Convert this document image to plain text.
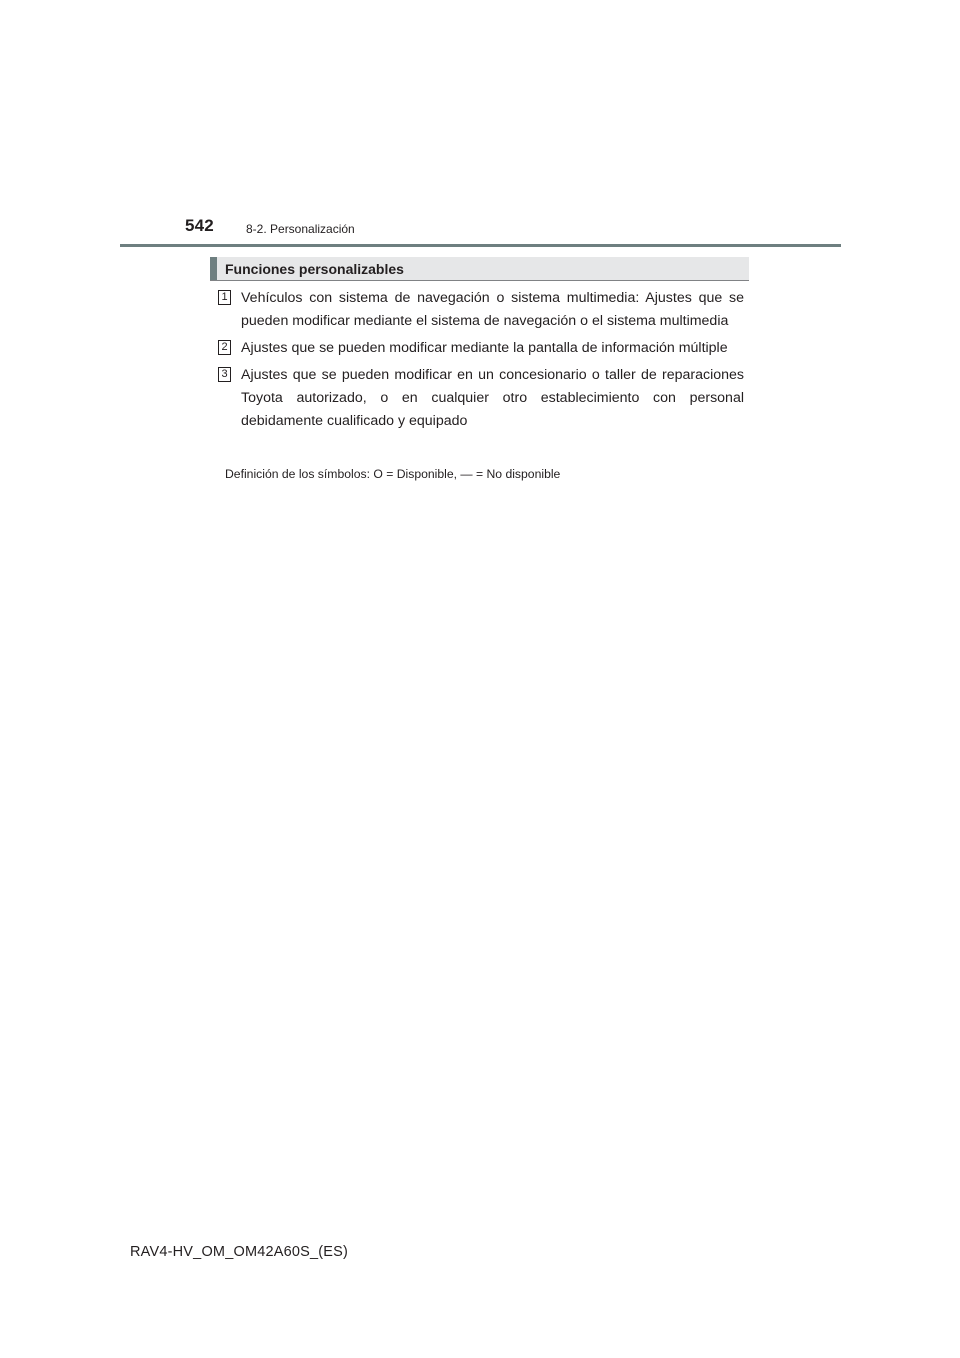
542	8-2. Personalización
Funciones personalizables
1 Vehículos con sistema de navegación o sistema multimedia: Ajustes que se pueden modificar mediante el sistema de navegación o el sistema multimedia
2 Ajustes que se pueden modificar mediante la pantalla de información múltiple
3 Ajustes que se pueden modificar en un concesionario o taller de reparaciones Toyota autorizado, o en cualquier otro establecimiento con personal debidamente cualificado y equipado
Definición de los símbolos: O = Disponible, — = No disponible
RAV4-HV_OM_OM42A60S_(ES)
